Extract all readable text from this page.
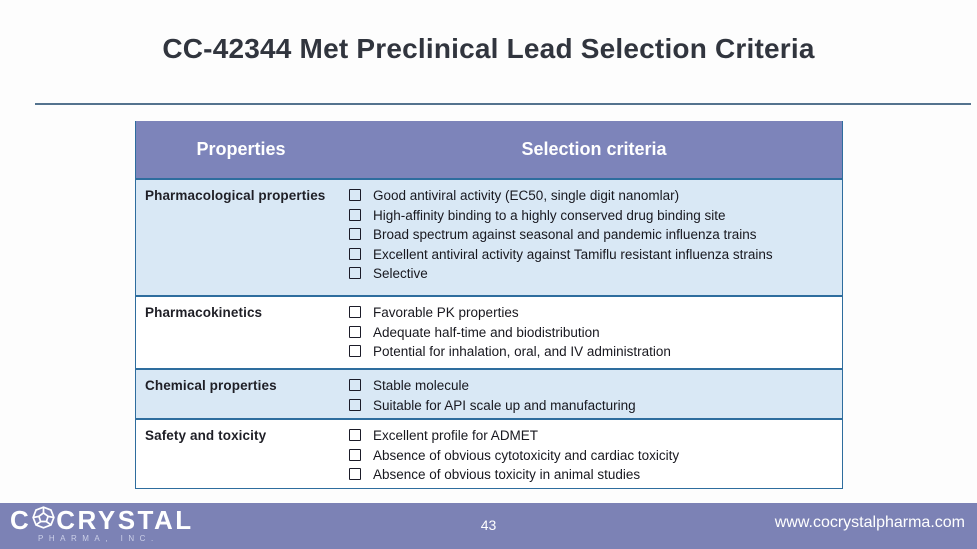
CC-42344 Met Preclinical Lead Selection Criteria
Properties	Selection criteria
Pharmacological properties	Good antiviral activity (EC50, single digit nanomlar)
High-affinity binding to a highly conserved drug binding site
Broad spectrum against seasonal and pandemic influenza trains
Excellent antiviral activity against Tamiflu resistant influenza strains
Selective
Pharmacokinetics	Favorable PK properties
Adequate half-time and biodistribution
Potential for inhalation, oral, and IV administration
Chemical properties	Stable molecule
Suitable for API scale up and manufacturing
Safety and toxicity	Excellent profile for ADMET
Absence of obvious cytotoxicity and cardiac toxicity
Absence of obvious toxicity in animal studies
C CRYSTAL
PHARMA, INC.
43	www.cocrystalpharma.com
